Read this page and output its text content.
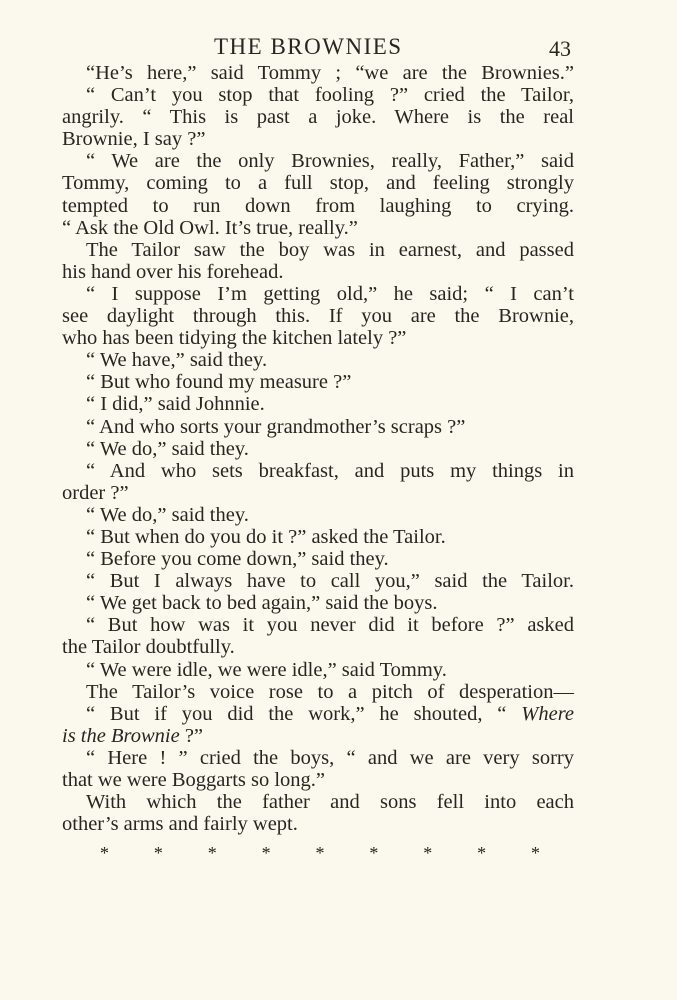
THE BROWNIES	43
“He’s here,” said Tommy ; “we are the Brownies.”
“ Can’t you stop that fooling ?” cried the Tailor,
angrily. “ This is past a joke. Where is the real
Brownie, I say ?”
“ We are the only Brownies, really, Father,” said
Tommy, coming to a full stop, and feeling strongly
tempted to run down from laughing to crying.
“ Ask the Old Owl. It’s true, really.”
The Tailor saw the boy was in earnest, and passed
his hand over his forehead.
“ I suppose I’m getting old,” he said; “ I can’t
see daylight through this. If you are the Brownie,
who has been tidying the kitchen lately ?”
“ We have,” said they.
“ But who found my measure ?”
“ I did,” said Johnnie.
“ And who sorts your grandmother’s scraps ?”
“ We do,” said they.
“ And who sets breakfast, and puts my things in
order ?”
“ We do,” said they.
“ But when do you do it ?” asked the Tailor.
“ Before you come down,” said they.
“ But I always have to call you,” said the Tailor.
“ We get back to bed again,” said the boys.
“ But how was it you never did it before ?” asked
the Tailor doubtfully.
“ We were idle, we were idle,” said Tommy.
The Tailor’s voice rose to a pitch of desperation—
“ But if you did the work,” he shouted, “ Where
is the Brownie ?”
“ Here ! ” cried the boys, “ and we are very sorry
that we were Boggarts so long.”
With which the father and sons fell into each
other’s arms and fairly wept.
* * * * * * * * *
